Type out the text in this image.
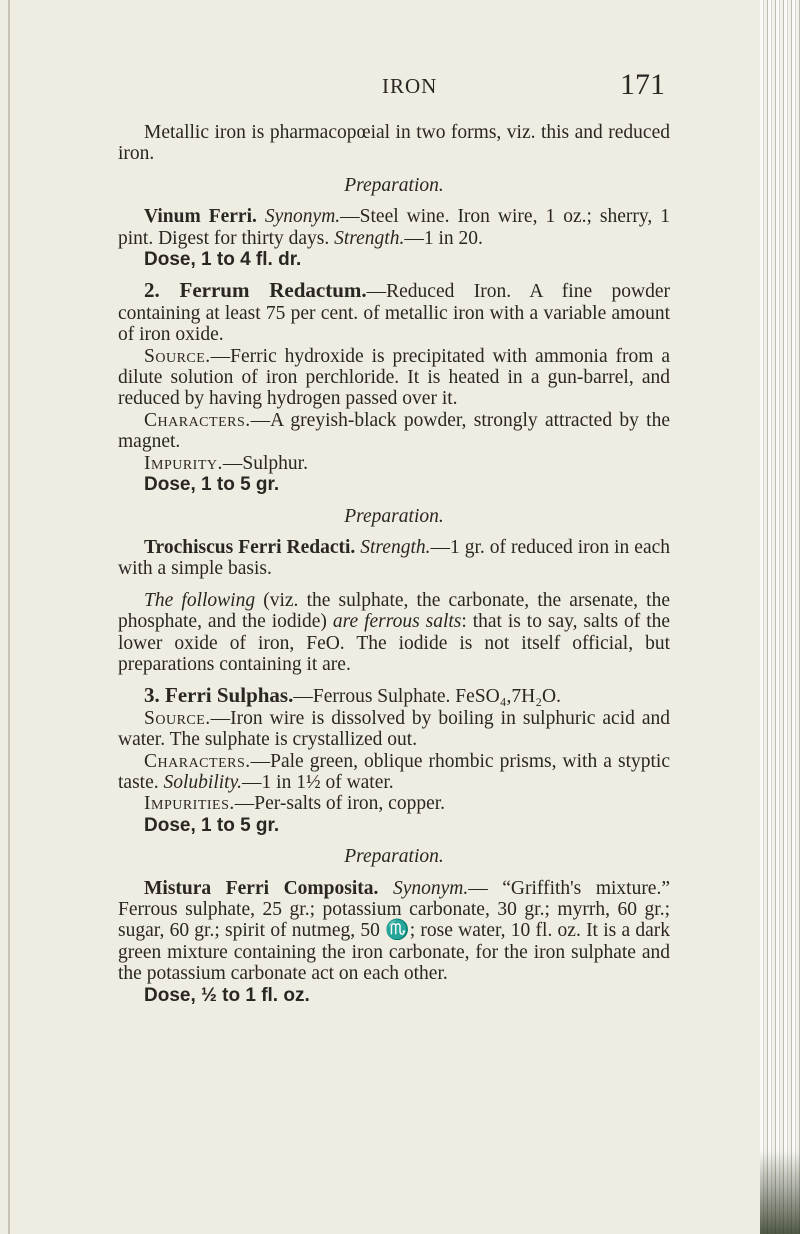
IRON	171

Metallic iron is pharmacopœial in two forms, viz. this and reduced iron.

Preparation.

Vinum Ferri. Synonym.—Steel wine. Iron wire, 1 oz.; sherry, 1 pint. Digest for thirty days. Strength.—1 in 20.

Dose, 1 to 4 fl. dr.

2. Ferrum Redactum.—Reduced Iron. A fine powder containing at least 75 per cent. of metallic iron with a variable amount of iron oxide.

Source.—Ferric hydroxide is precipitated with ammonia from a dilute solution of iron perchloride. It is heated in a gun-barrel, and reduced by having hydrogen passed over it.

Characters.—A greyish-black powder, strongly attracted by the magnet.

Impurity.—Sulphur.

Dose, 1 to 5 gr.

Preparation.

Trochiscus Ferri Redacti. Strength.—1 gr. of reduced iron in each with a simple basis.

The following (viz. the sulphate, the carbonate, the arsenate, the phosphate, and the iodide) are ferrous salts: that is to say, salts of the lower oxide of iron, FeO. The iodide is not itself official, but preparations containing it are.

3. Ferri Sulphas.—Ferrous Sulphate. FeSO₄,7H₂O.

Source.—Iron wire is dissolved by boiling in sulphuric acid and water. The sulphate is crystallized out.

Characters.—Pale green, oblique rhombic prisms, with a styptic taste. Solubility.—1 in 1½ of water.

Impurities.—Per-salts of iron, copper.

Dose, 1 to 5 gr.

Preparation.

Mistura Ferri Composita. Synonym.— “Griffith's mixture.” Ferrous sulphate, 25 gr.; potassium carbonate, 30 gr.; myrrh, 60 gr.; sugar, 60 gr.; spirit of nutmeg, 50 ♏; rose water, 10 fl. oz. It is a dark green mixture containing the iron carbonate, for the iron sulphate and the potassium carbonate act on each other.

Dose, ½ to 1 fl. oz.
